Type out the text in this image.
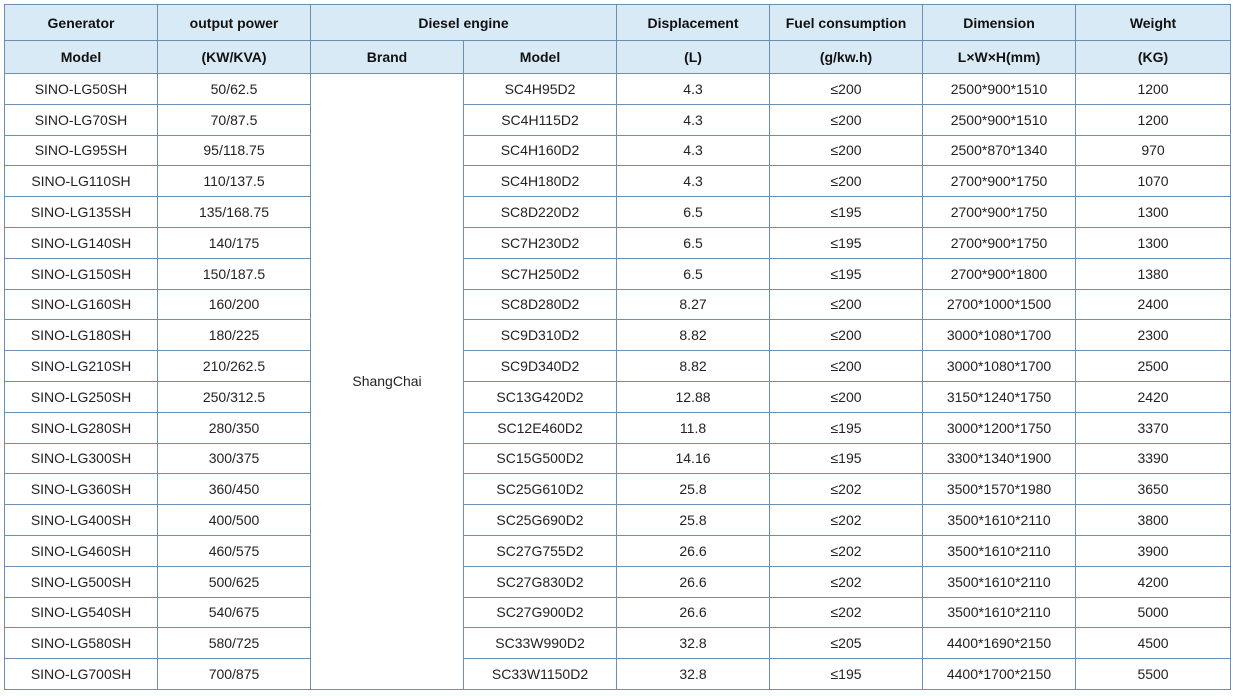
Generator	output power	Diesel engine		Displacement	Fuel consumption	Dimension	Weight
Model	(KW/KVA)	Brand	Model	(L)	(g/kw.h)	L×W×H(mm)	(KG)
SINO-LG50SH	50/62.5	ShangChai	SC4H95D2	4.3	≤200	2500*900*1510	1200
SINO-LG70SH	70/87.5		SC4H115D2	4.3	≤200	2500*900*1510	1200
SINO-LG95SH	95/118.75		SC4H160D2	4.3	≤200	2500*870*1340	970
SINO-LG110SH	110/137.5		SC4H180D2	4.3	≤200	2700*900*1750	1070
SINO-LG135SH	135/168.75		SC8D220D2	6.5	≤195	2700*900*1750	1300
SINO-LG140SH	140/175		SC7H230D2	6.5	≤195	2700*900*1750	1300
SINO-LG150SH	150/187.5		SC7H250D2	6.5	≤195	2700*900*1800	1380
SINO-LG160SH	160/200		SC8D280D2	8.27	≤200	2700*1000*1500	2400
SINO-LG180SH	180/225		SC9D310D2	8.82	≤200	3000*1080*1700	2300
SINO-LG210SH	210/262.5		SC9D340D2	8.82	≤200	3000*1080*1700	2500
SINO-LG250SH	250/312.5		SC13G420D2	12.88	≤200	3150*1240*1750	2420
SINO-LG280SH	280/350		SC12E460D2	11.8	≤195	3000*1200*1750	3370
SINO-LG300SH	300/375		SC15G500D2	14.16	≤195	3300*1340*1900	3390
SINO-LG360SH	360/450		SC25G610D2	25.8	≤202	3500*1570*1980	3650
SINO-LG400SH	400/500		SC25G690D2	25.8	≤202	3500*1610*2110	3800
SINO-LG460SH	460/575		SC27G755D2	26.6	≤202	3500*1610*2110	3900
SINO-LG500SH	500/625		SC27G830D2	26.6	≤202	3500*1610*2110	4200
SINO-LG540SH	540/675		SC27G900D2	26.6	≤202	3500*1610*2110	5000
SINO-LG580SH	580/725		SC33W990D2	32.8	≤205	4400*1690*2150	4500
SINO-LG700SH	700/875		SC33W1150D2	32.8	≤195	4400*1700*2150	5500
